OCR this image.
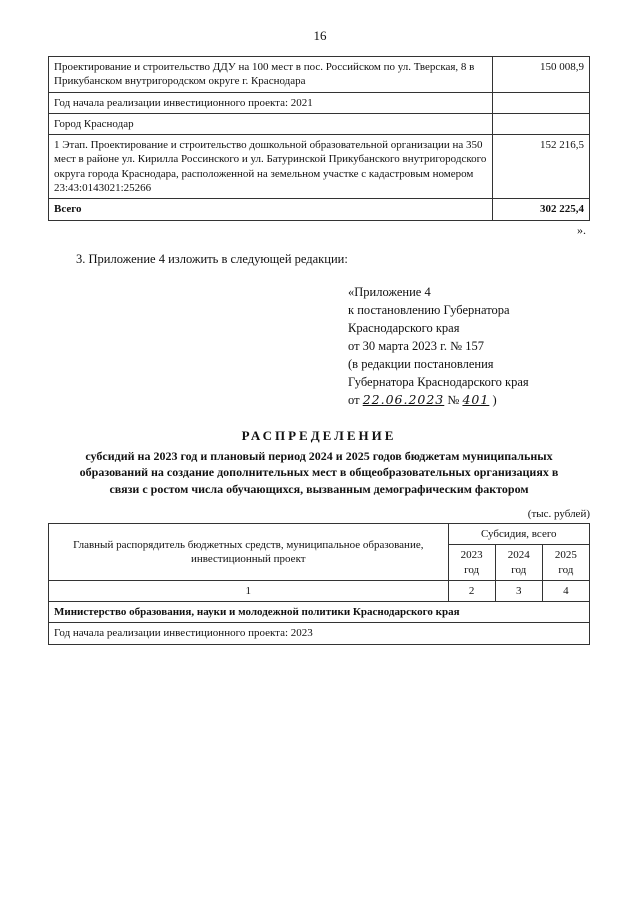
16
Проектирование и строительство ДДУ на 100 мест в пос. Российском по ул. Тверская, 8 в Прикубанском внутригородском округе г. Краснодара	150 008,9
Год начала реализации инвестиционного проекта: 2021	
Город Краснодар	
1 Этап. Проектирование и строительство дошкольной образовательной организации на 350 мест в районе ул. Кирилла Россинского и ул. Батуринской Прикубанского внутригородского округа города Краснодара, расположенной на земельном участке с кадастровым номером 23:43:0143021:25266	152 216,5
Всего	302 225,4
».
3. Приложение 4 изложить в следующей редакции:
«Приложение 4
к постановлению Губернатора
Краснодарского края
от 30 марта 2023 г. № 157
(в редакции постановления
Губернатора Краснодарского края
от 22.06.2023 № 401 )
РАСПРЕДЕЛЕНИЕ
субсидий на 2023 год и плановый период 2024 и 2025 годов бюджетам муниципальных образований на создание дополнительных мест в общеобразовательных организациях в связи с ростом числа обучающихся, вызванным демографическим фактором
(тыс. рублей)
Главный распорядитель бюджетных средств, муниципальное образование, инвестиционный проект	Субсидия, всего		
	2023 год	2024 год	2025 год
1	2	3	4
Министерство образования, науки и молодежной политики Краснодарского края			
Год начала реализации инвестиционного проекта: 2023			
